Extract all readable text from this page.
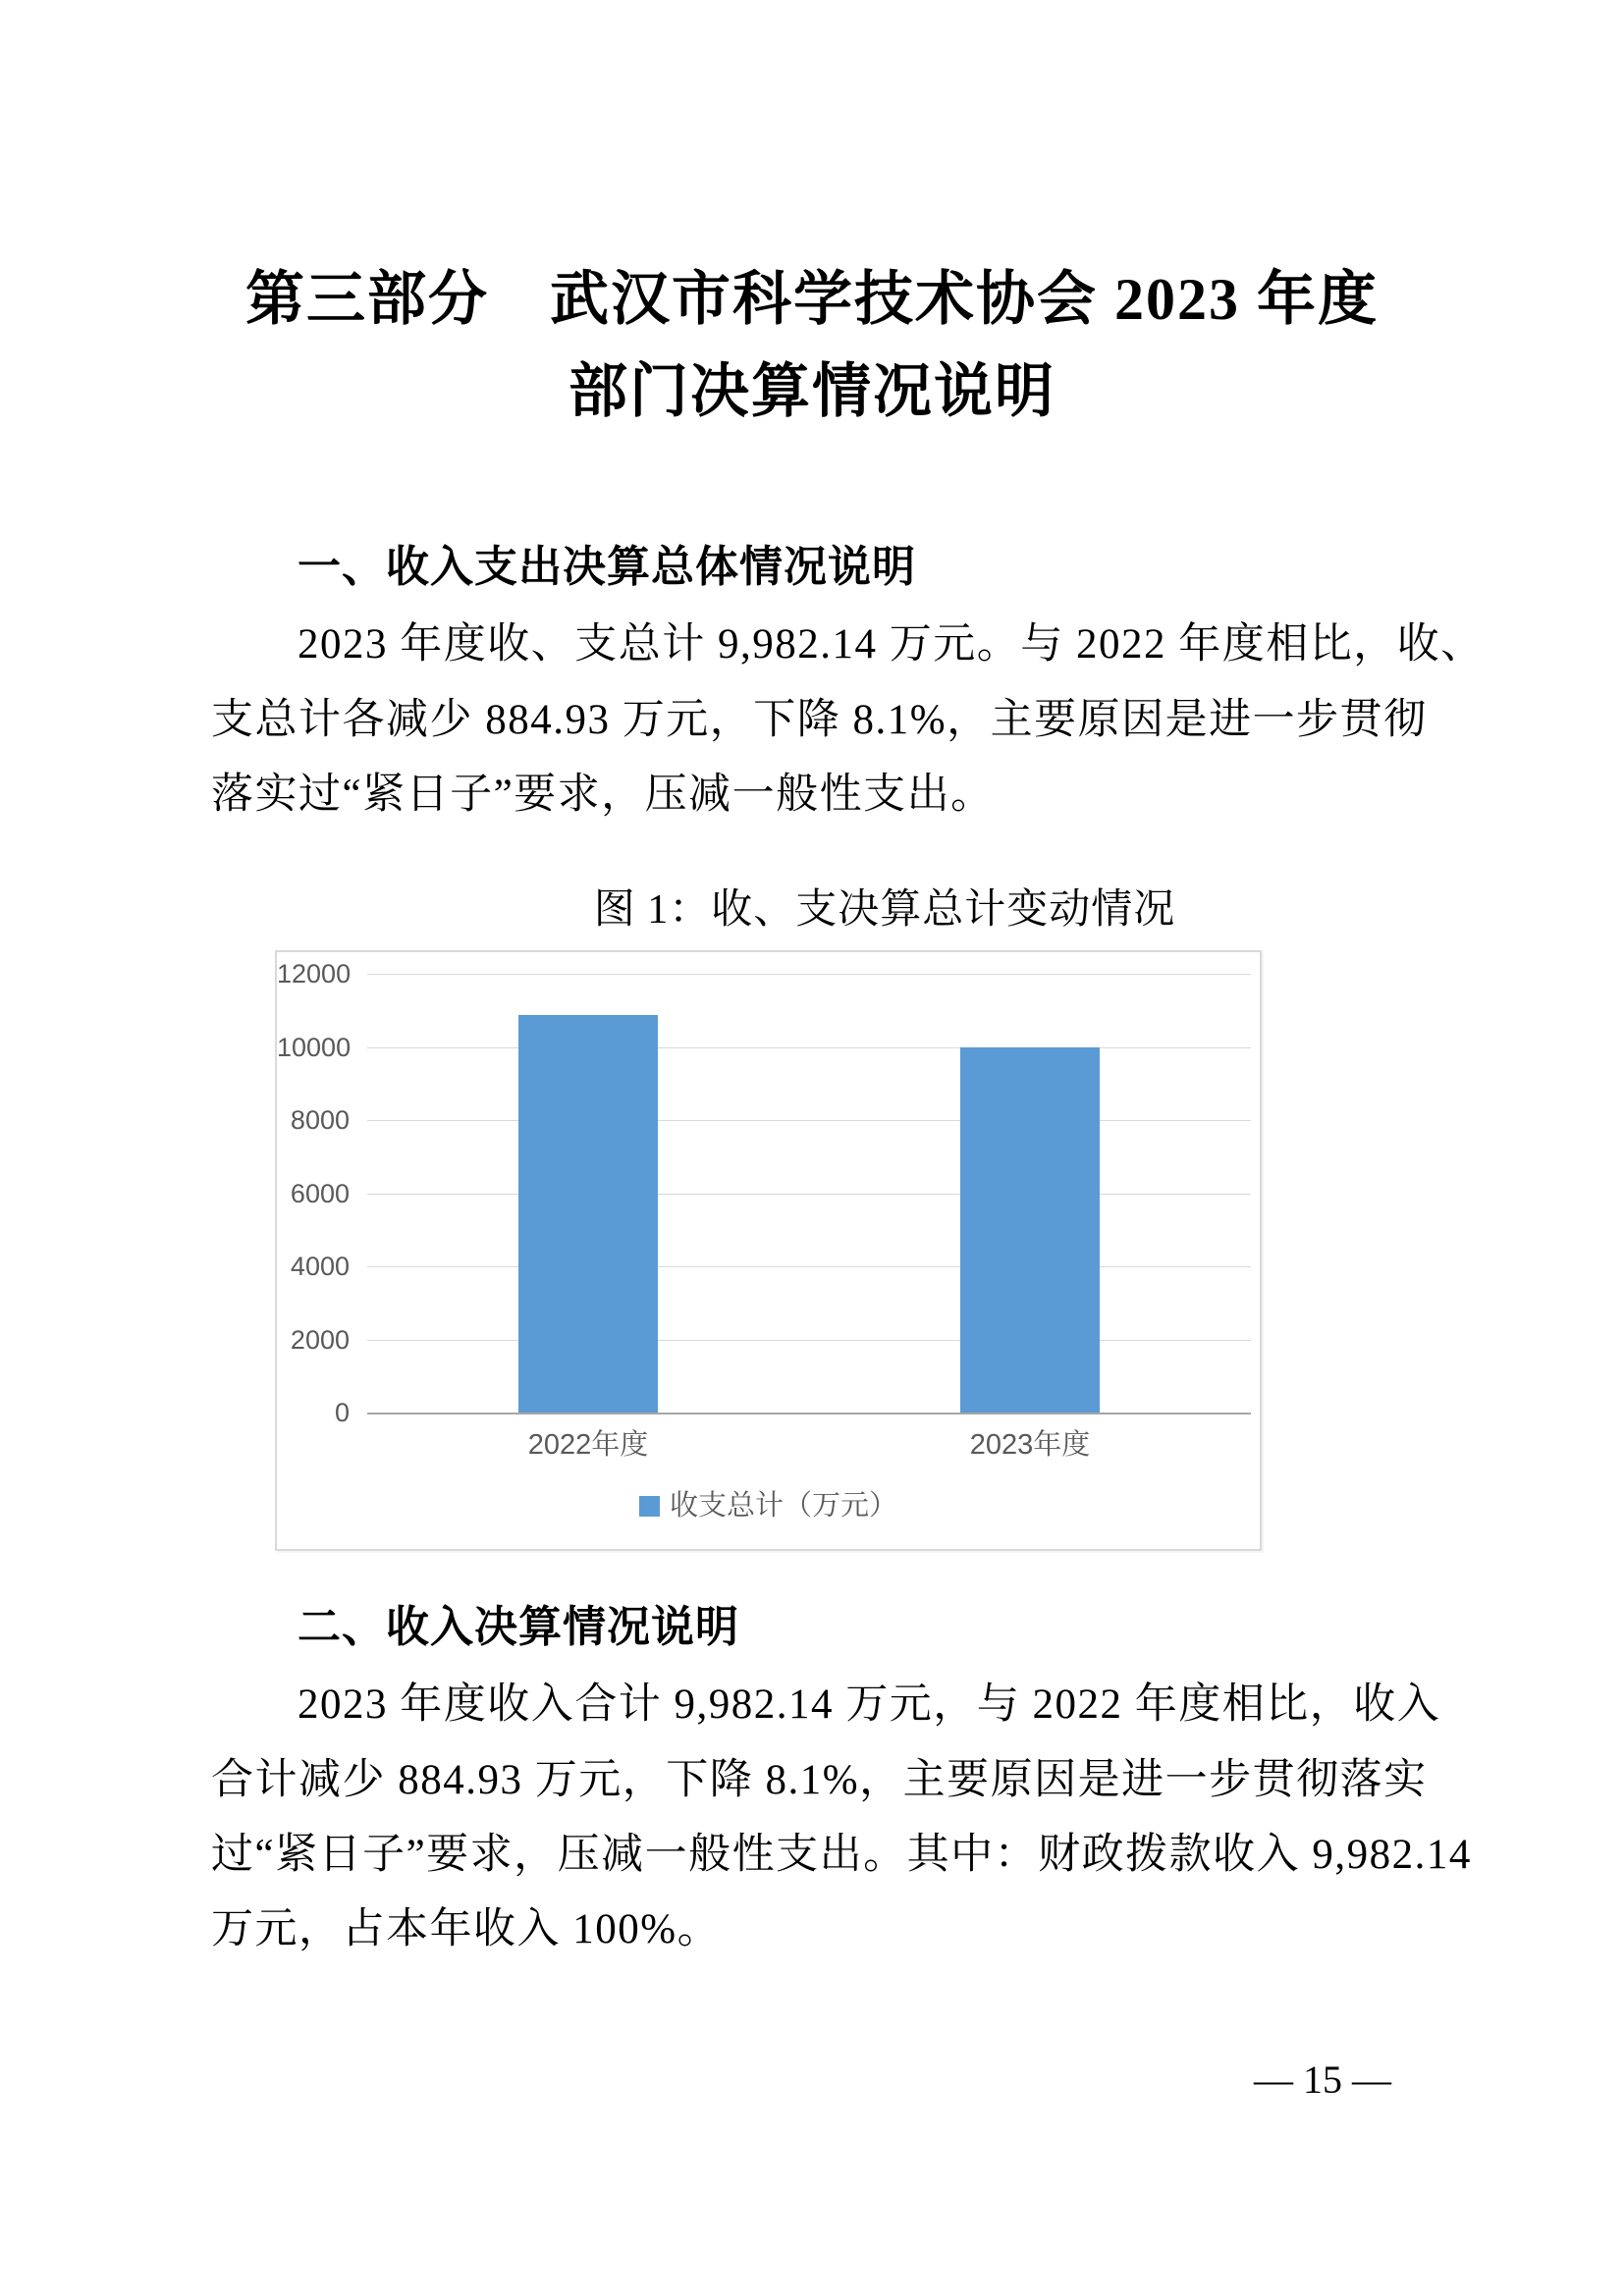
第三部分　武汉市科学技术协会 2023 年度
部门决算情况说明
一、收入支出决算总体情况说明
2023 年度收、支总计 9,982.14 万元。与 2022 年度相比，收、
支总计各减少 884.93 万元，下降 8.1%，主要原因是进一步贯彻
落实过“紧日子”要求，压减一般性支出。
图 1：收、支决算总计变动情况
0
2000
4000
6000
8000
10000
12000
2022年度	2023年度
收支总计（万元）
二、收入决算情况说明
2023 年度收入合计 9,982.14 万元，与 2022 年度相比，收入
合计减少 884.93 万元，下降 8.1%，主要原因是进一步贯彻落实
过“紧日子”要求，压减一般性支出。其中：财政拨款收入 9,982.14
万元，占本年收入 100%。
— 15 —
